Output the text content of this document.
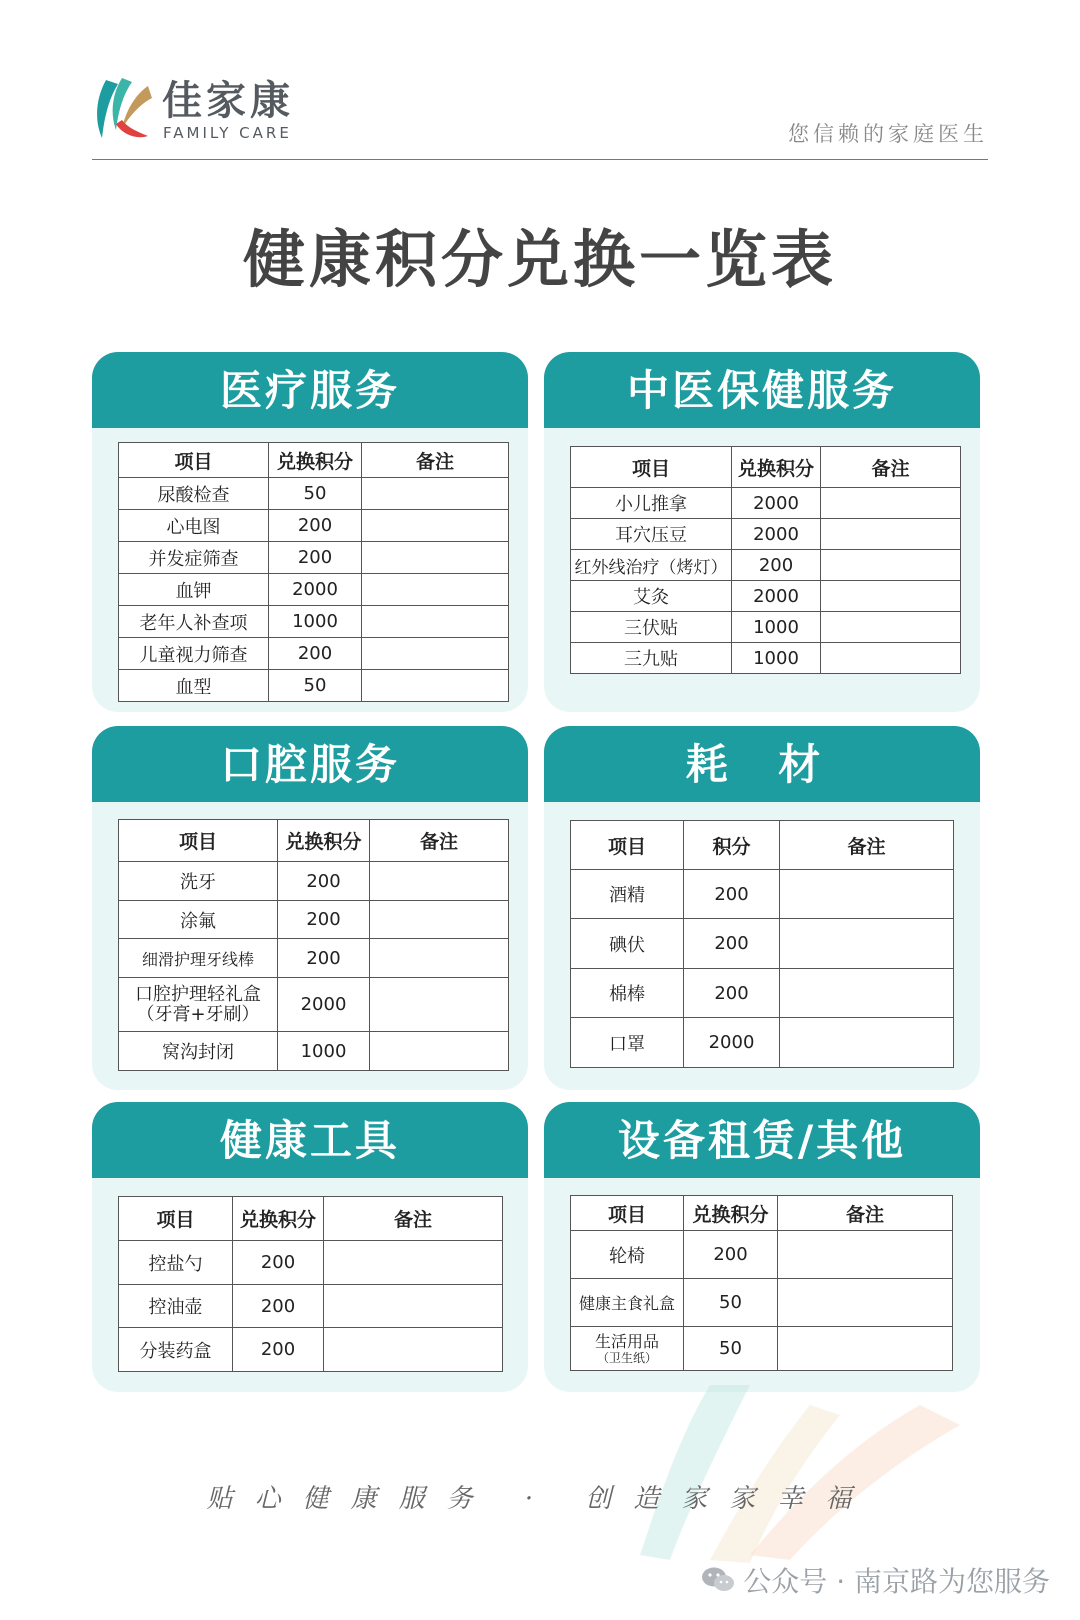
佳家康
FAMILY CARE	您信赖的家庭医生
健康积分兑换一览表
医疗服务
项目	兑换积分	备注
尿酸检查	50	
心电图	200	
并发症筛查	200	
血钾	2000	
老年人补查项	1000	
儿童视力筛查	200	
血型	50	
中医保健服务
项目	兑换积分	备注
小儿推拿	2000	
耳穴压豆	2000	
红外线治疗（烤灯）	200	
艾灸	2000	
三伏贴	1000	
三九贴	1000	
口腔服务
项目	兑换积分	备注
洗牙	200	
涂氟	200	
细滑护理牙线棒	200	
口腔护理轻礼盒
（牙膏+牙刷）	2000	
窝沟封闭	1000	
耗 材
项目	积分	备注
酒精	200	
碘伏	200	
棉棒	200	
口罩	2000	
健康工具
项目	兑换积分	备注
控盐勺	200	
控油壶	200	
分装药盒	200	
设备租赁/其他
项目	兑换积分	备注
轮椅	200	
健康主食礼盒	50	
生活用品

（卫生纸）	50	
贴心健康服务 · 创造家家幸福
公众号 · 南京路为您服务
